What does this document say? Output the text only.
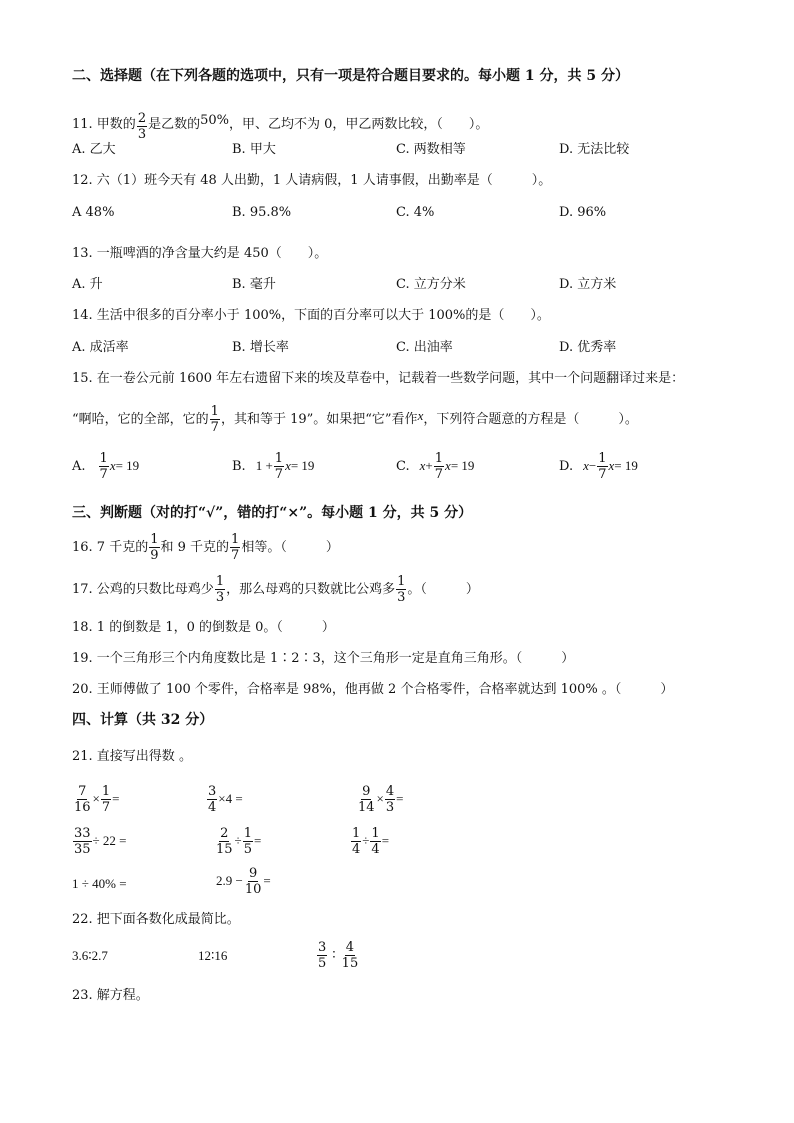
二、选择题（在下列各题的选项中，只有一项是符合题目要求的。每小题 1 分，共 5 分）
11. 甲数的 $\frac{2}{3}$ 是乙数的50%，甲、乙均不为 0，甲乙两数比较，（　　）。
A. 乙大	B. 甲大	C. 两数相等	D. 无法比较
12. 六（1）班今天有 48 人出勤，1 人请病假，1 人请事假，出勤率是（　　　）。
A 48%	B. 95.8%	C. 4%	D. 96%
13. 一瓶啤酒的净含量大约是 450（　　）。
A. 升	B. 毫升	C. 立方分米	D. 立方米
14. 生活中很多的百分率小于 100%，下面的百分率可以大于 100%的是（　　）。
A. 成活率	B. 增长率	C. 出油率	D. 优秀率
15. 在一卷公元前 1600 年左右遗留下来的埃及草卷中，记载着一些数学问题，其中一个问题翻译过来是：
“啊哈，它的全部，它的 $\frac{1}{7}$ ，其和等于 19”。如果把“它”看作x，下列符合题意的方程是（　　　）。
A. $\frac{1}{7} x= 19$	B. $1 + \frac{1}{7} x= 19$	C. $x+ \frac{1}{7} x= 19$	D. $x- \frac{1}{7} x= 19$
三、判断题（对的打“√”，错的打“×”。每小题 1 分，共 5 分）
16. 7 千克的 $\frac{1}{9}$ 和 9 千克的 $\frac{1}{7}$ 相等。（　　　）
17. 公鸡的只数比母鸡少 $\frac{1}{3}$ ，那么母鸡的只数就比公鸡多 $\frac{1}{3}$ 。（　　　）
18. 1 的倒数是 1，0 的倒数是 0。（　　　）
19. 一个三角形三个内角度数比是 1∶2∶3，这个三角形一定是直角三角形。（　　　）
20. 王师傅做了 100 个零件，合格率是 98%，他再做 2 个合格零件，合格率就达到 100% 。（　　　）
四、计算（共 32 分）
21. 直接写出得数 。
$\frac{7}{16} \times \frac{1}{7}$ =	$\frac{3}{4} \times 4$ =	$\frac{9}{14} \times \frac{4}{3}$ =
$\frac{33}{35} \div 22$ =	$\frac{2}{15} \div \frac{1}{5}$ =	$\frac{1}{4} \div \frac{1}{4}$ =
1 ÷ 40% =	$2.9 - \frac{9}{10}$ =
22. 把下面各数化成最简比。
3.6∶2.7	12∶16	$\frac{3}{5}$ ∶ $\frac{4}{15}$
23. 解方程。
